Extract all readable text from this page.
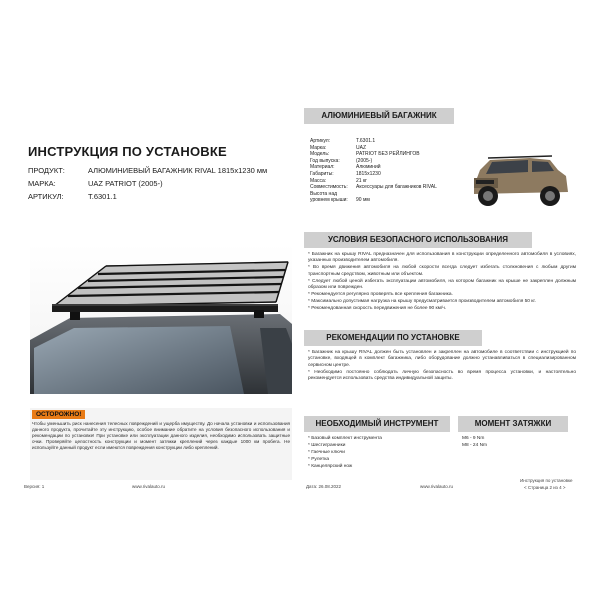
ИНСТРУКЦИЯ ПО УСТАНОВКЕ
ПРОДУКТ:	АЛЮМИНИЕВЫЙ БАГАЖНИК RIVAL 1815х1230 мм
МАРКА:	UAZ PATRIOT (2005-)
АРТИКУЛ:	T.6301.1
ОСТОРОЖНО!
Чтобы уменьшить риск нанесения телесных повреждений и ущерба имуществу. До начала установки и использования данного продукта, прочитайте эту инструкцию, особое внимание обратите на условия безопасного использования и рекомендации по установке! При установке или эксплуатации данного изделия, необходимо использовать защитные очки. Проверяйте целостность конструкции и момент затяжки креплений через каждые 1000 км пробега. Не используйте данный продукт если имеются повреждения конструкции либо креплений.
Версия: 1	www.rivalauto.ru
АЛЮМИНИЕВЫЙ БАГАЖНИК
Артикул:	T.6301.1
Марка:	UAZ
Модель:	PATRIOT БЕЗ РЕЙЛИНГОВ
Год выпуска:	(2005-)
Материал:	Алюминий
Габариты:	1815х1230
Масса:	21 кг
Совместимость:	Аксессуары для багажников RIVAL
Высота над
уровнем крыши:	90 мм
УСЛОВИЯ БЕЗОПАСНОГО ИСПОЛЬЗОВАНИЯ
* Багажник на крышу RIVAL предназначен для использования в конструкции определенного автомобиля в условиях, указанных производителем автомобиля.
* Во время движения автомобиля на любой скорости всегда следует избегать столкновения с любым другим транспортным средством, животным или объектом.
* Следует любой ценой избегать эксплуатации автомобиля, на котором багажник на крыше не закреплен должным образом или поврежден.
* Рекомендуется регулярно проверять все крепления багажника.
* Максимально допустимая нагрузка на крышу предусматривается производителем автомобиля 50 кг.
* Рекомендованная скорость передвижения не более 90 км/ч.
РЕКОМЕНДАЦИИ ПО УСТАНОВКЕ
* Багажник на крышу RIVAL должен быть установлен и закреплен на автомобиле в соответствии с инструкцией по установке, входящей в комплект багажника, либо оборудование должно устанавливаться в специализированном сервисном центре.
* Необходимо постоянно соблюдать личную безопасность во время процесса установки, и настоятельно рекомендуется использовать средства индивидуальной защиты.
НЕОБХОДИМЫЙ ИНСТРУМЕНТ	МОМЕНТ ЗАТЯЖКИ
* Базовый комплект инструмента
* Шестигранники
* Гаечные ключи
* Рулетка
* Канцелярский нож
M6 - 9 Nm
M8 - 24 Nm
Дата: 26.08.2022	www.rivalauto.ru
Инструкция по установке
< Страница 2 из 4 >
